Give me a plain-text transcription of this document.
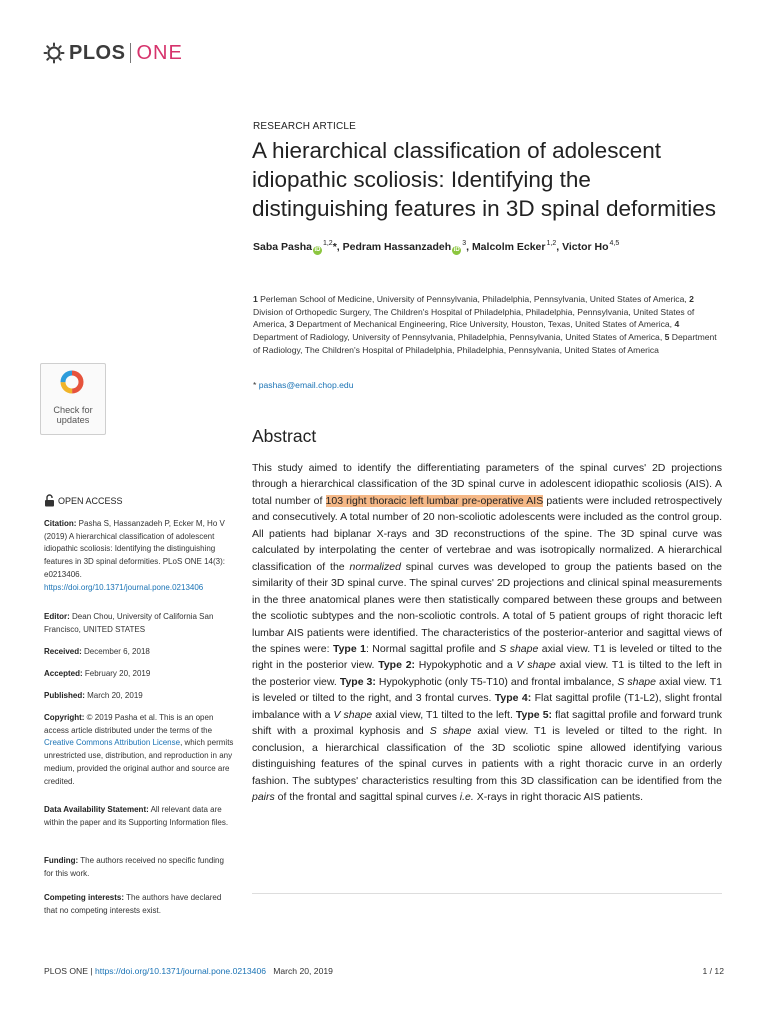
PLOS ONE
RESEARCH ARTICLE
A hierarchical classification of adolescent idiopathic scoliosis: Identifying the distinguishing features in 3D spinal deformities
Saba Pasha iD$^{1,2}$*, Pedram Hassanzadeh $iD^3$, Malcolm Ecker$^{1,2}$, Victor Ho$^{4,5}$
1 Perleman School of Medicine, University of Pennsylvania, Philadelphia, Pennsylvania, United States of America, 2 Division of Orthopedic Surgery, The Children's Hospital of Philadelphia, Philadelphia, Pennsylvania, United States of America, 3 Department of Mechanical Engineering, Rice University, Houston, Texas, United States of America, 4 Department of Radiology, University of Pennsylvania, Philadelphia, Pennsylvania, United States of America, 5 Department of Radiology, The Children's Hospital of Philadelphia, Philadelphia, Pennsylvania, United States of America
* pashas@email.chop.edu
Abstract
This study aimed to identify the differentiating parameters of the spinal curves' 2D projections through a hierarchical classification of the 3D spinal curve in adolescent idiopathic scoliosis (AIS). A total number of 103 right thoracic left lumbar pre-operative AIS patients were included retrospectively and consecutively. A total number of 20 non-scoliotic adolescents were included as the control group. All patients had biplanar X-rays and 3D reconstructions of the spine. The 3D spinal curve was calculated by interpolating the center of vertebrae and was isotropically normalized. A hierarchical classification of the normalized spinal curves was developed to group the patients based on the similarity of their 3D spinal curve. The spinal curves' 2D projections and clinical spinal measurements in the three anatomical planes were then statistically compared between these groups and between the scoliotic subtypes and the non-scoliotic controls. A total of 5 patient groups of right thoracic left lumbar AIS patients were identified. The characteristics of the posterior-anterior and sagittal views of the spines were: Type 1: Normal sagittal profile and S shape axial view. T1 is leveled or tilted to the right in the posterior view. Type 2: Hypokyphotic and a V shape axial view. T1 is tilted to the left in the posterior view. Type 3: Hypokyphotic (only T5-T10) and frontal imbalance, S shape axial view. T1 is leveled or tilted to the right, and 3 frontal curves. Type 4: Flat sagittal profile (T1-L2), slight frontal imbalance with a V shape axial view, T1 tilted to the left. Type 5: flat sagittal profile and forward trunk shift with a proximal kyphosis and S shape axial view. T1 is leveled or tilted to the right. In conclusion, a hierarchical classification of the 3D scoliotic spine allowed identifying various distinguishing features of the spinal curves in patients with a right thoracic curve in an orderly fashion. The subtypes' characteristics resulting from this 3D classification can be identified from the pairs of the frontal and sagittal spinal curves i.e. X-rays in right thoracic AIS patients.
Check for
updates
OPEN ACCESS
Citation: Pasha S, Hassanzadeh P, Ecker M, Ho V (2019) A hierarchical classification of adolescent idiopathic scoliosis: Identifying the distinguishing features in 3D spinal deformities. PLoS ONE 14(3): e0213406. https://doi.org/10.1371/journal.pone.0213406
Editor: Dean Chou, University of California San Francisco, UNITED STATES
Received: December 6, 2018
Accepted: February 20, 2019
Published: March 20, 2019
Copyright: © 2019 Pasha et al. This is an open access article distributed under the terms of the Creative Commons Attribution License, which permits unrestricted use, distribution, and reproduction in any medium, provided the original author and source are credited.
Data Availability Statement: All relevant data are within the paper and its Supporting Information files.
Funding: The authors received no specific funding for this work.
Competing interests: The authors have declared that no competing interests exist.
PLOS ONE | https://doi.org/10.1371/journal.pone.0213406 March 20, 2019	1 / 12
